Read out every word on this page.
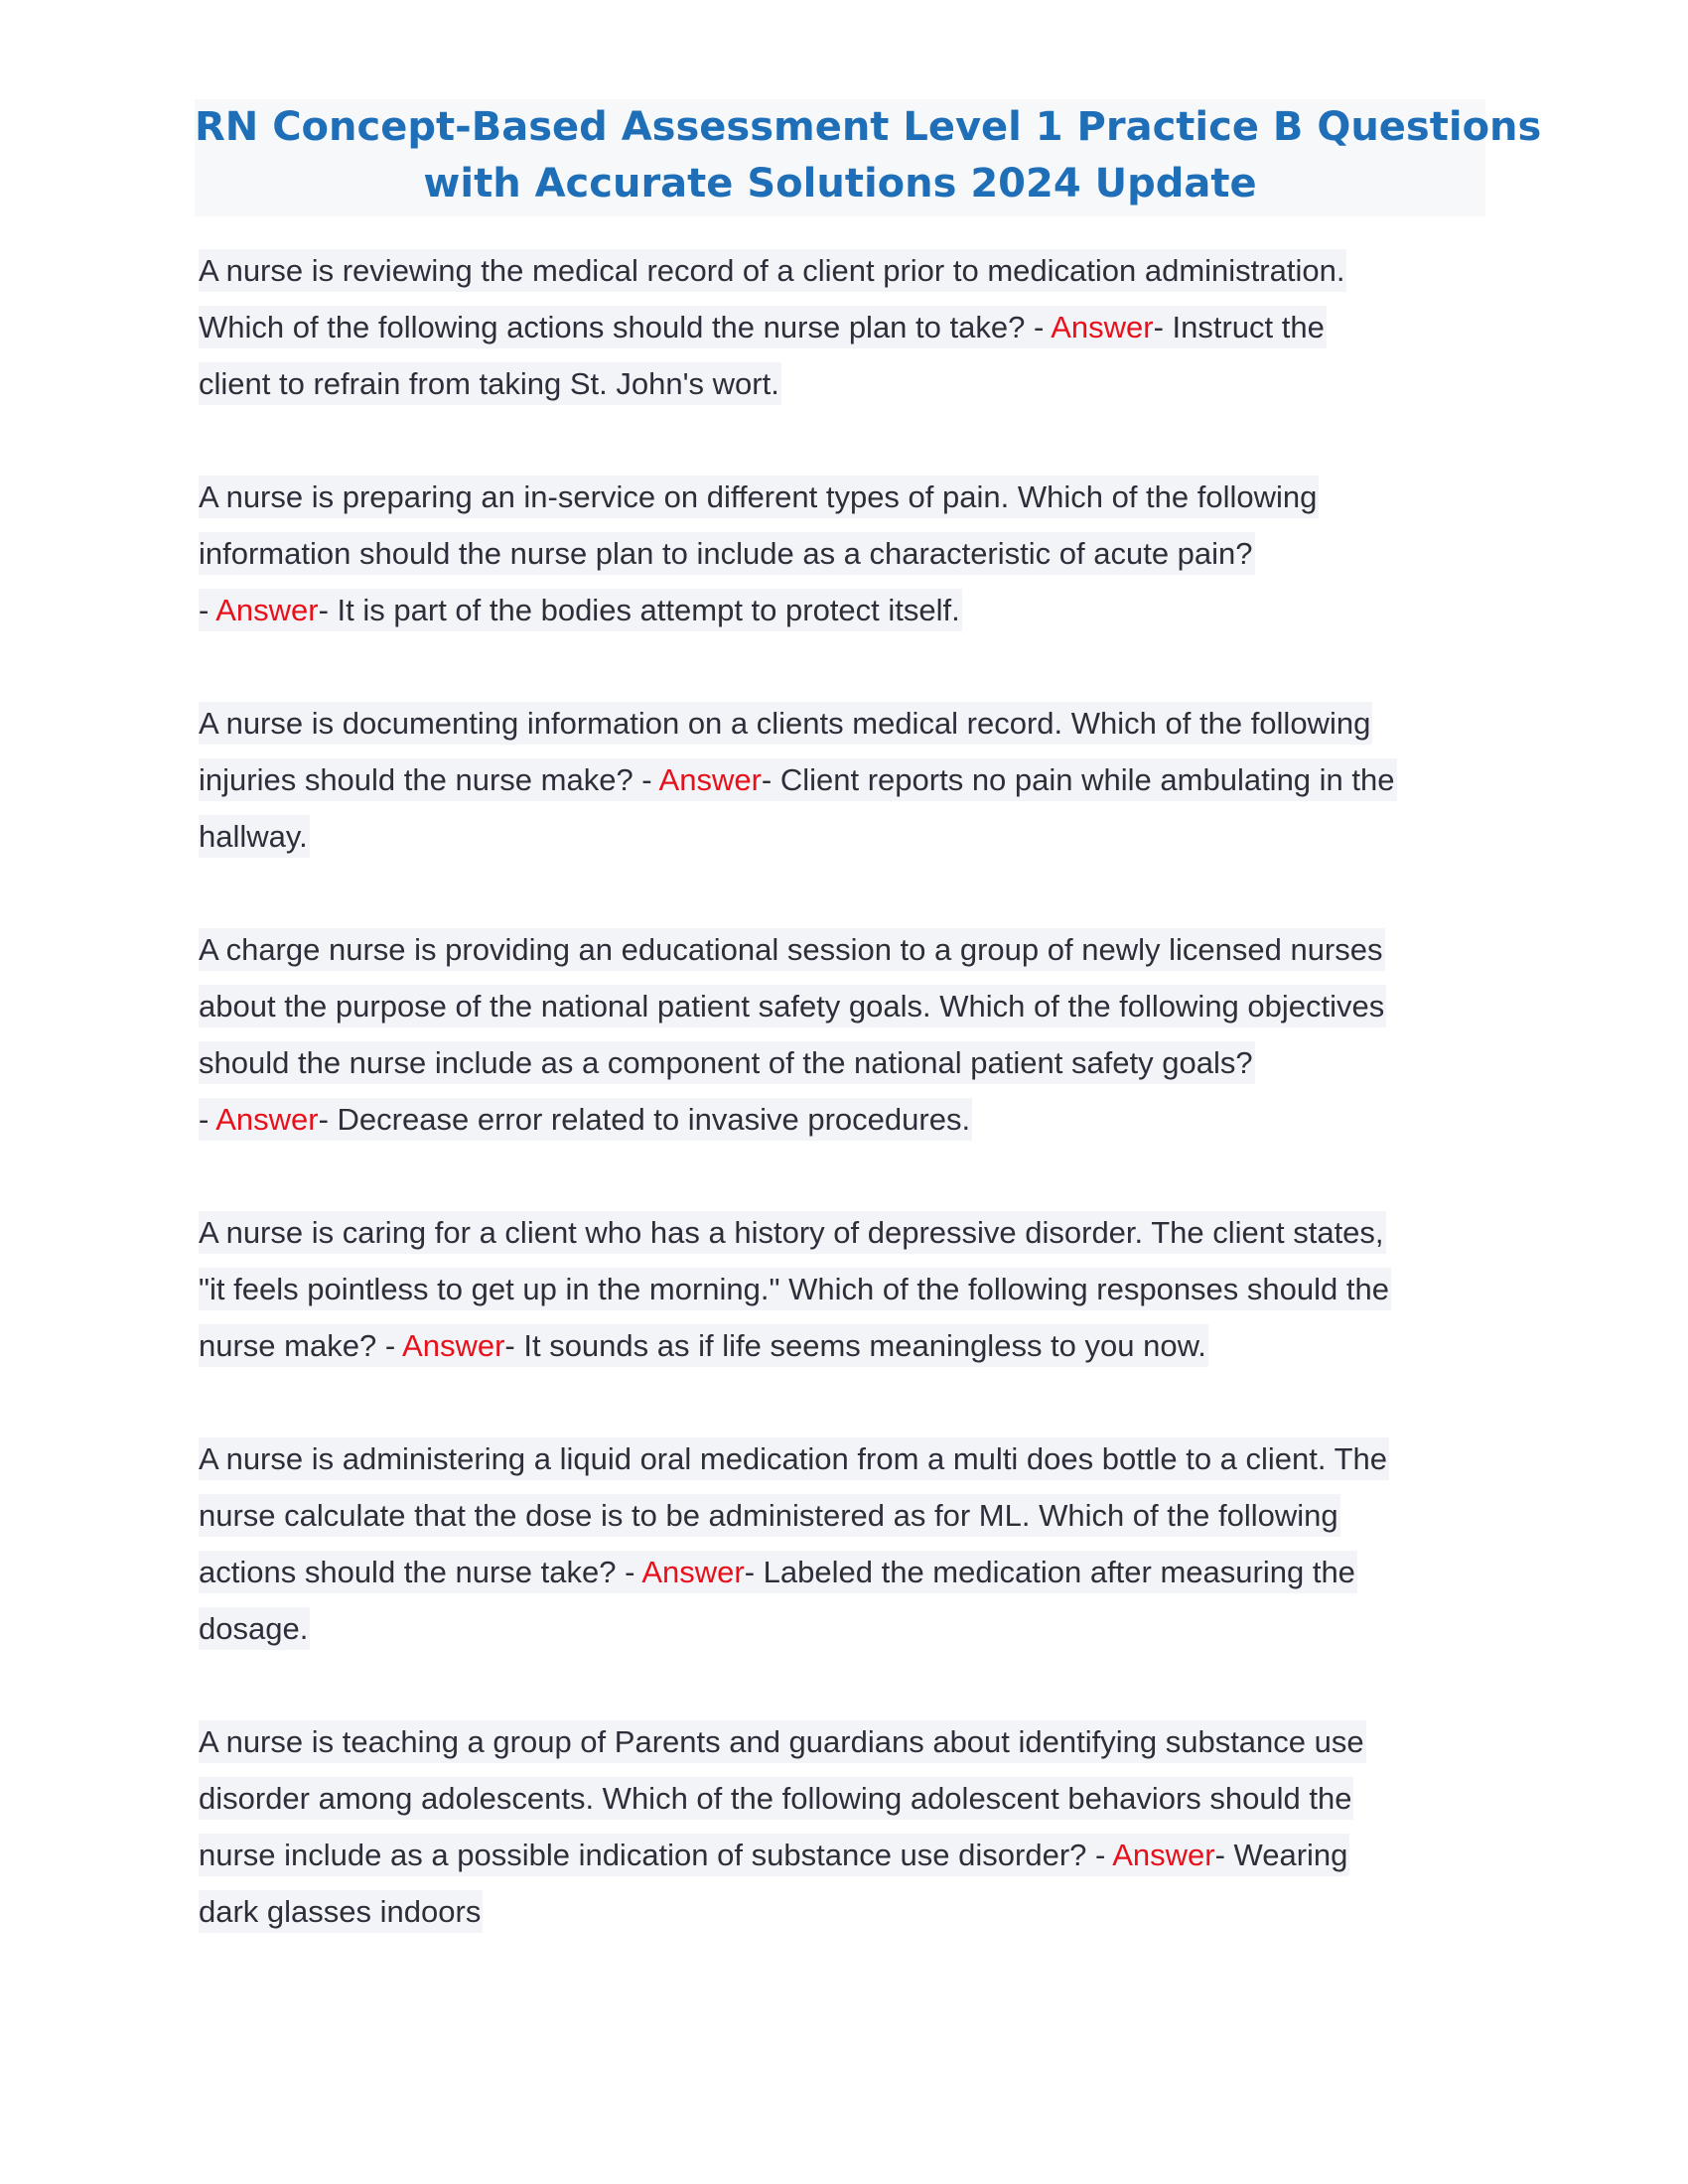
RN Concept-Based Assessment Level 1 Practice B Questions
with Accurate Solutions 2024 Update
A nurse is reviewing the medical record of a client prior to medication administration.
Which of the following actions should the nurse plan to take? - Answer- Instruct the
client to refrain from taking St. John's wort.
A nurse is preparing an in-service on different types of pain. Which of the following
information should the nurse plan to include as a characteristic of acute pain?
- Answer- It is part of the bodies attempt to protect itself.
A nurse is documenting information on a clients medical record. Which of the following
injuries should the nurse make? - Answer- Client reports no pain while ambulating in the
hallway.
A charge nurse is providing an educational session to a group of newly licensed nurses
about the purpose of the national patient safety goals. Which of the following objectives
should the nurse include as a component of the national patient safety goals?
- Answer- Decrease error related to invasive procedures.
A nurse is caring for a client who has a history of depressive disorder. The client states,
"it feels pointless to get up in the morning." Which of the following responses should the
nurse make? - Answer- It sounds as if life seems meaningless to you now.
A nurse is administering a liquid oral medication from a multi does bottle to a client. The
nurse calculate that the dose is to be administered as for ML. Which of the following
actions should the nurse take? - Answer- Labeled the medication after measuring the
dosage.
A nurse is teaching a group of Parents and guardians about identifying substance use
disorder among adolescents. Which of the following adolescent behaviors should the
nurse include as a possible indication of substance use disorder? - Answer- Wearing
dark glasses indoors
